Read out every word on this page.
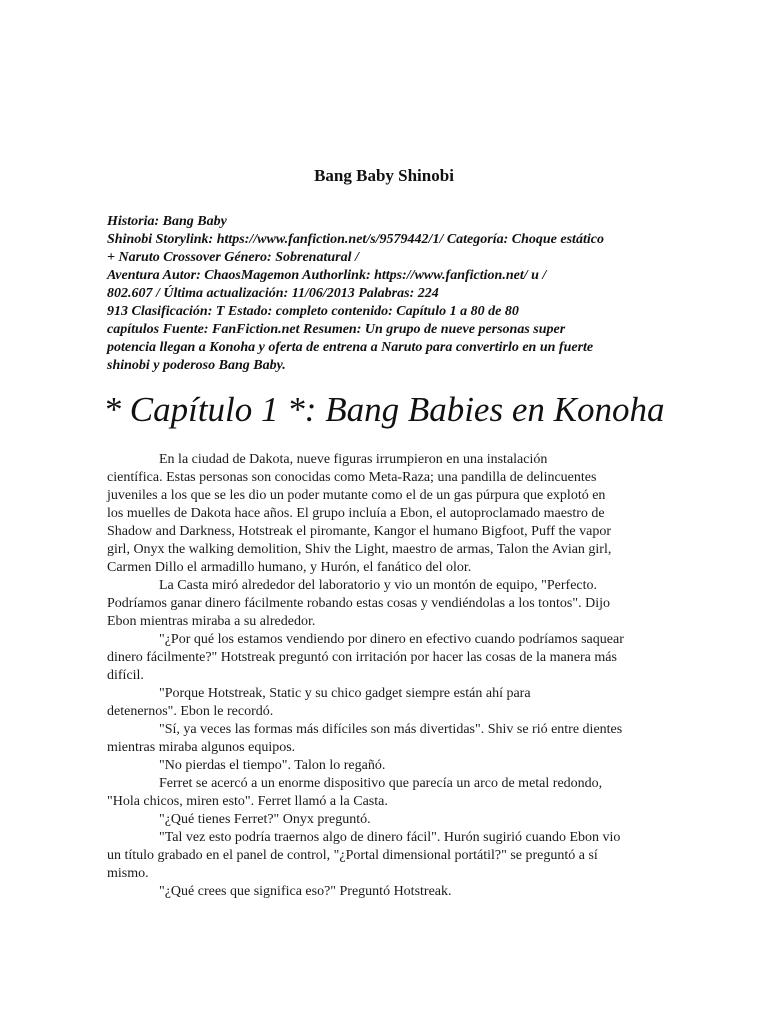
Bang Baby Shinobi
Historia: Bang Baby
Shinobi Storylink: https://www.fanfiction.net/s/9579442/1/ Categoría: Choque estático
+ Naruto Crossover Género: Sobrenatural /
Aventura Autor: ChaosMagemon Authorlink: https://www.fanfiction.net/ u /
802.607 / Última actualización: 11/06/2013 Palabras: 224
913 Clasificación: T Estado: completo contenido: Capítulo 1 a 80 de 80
capítulos Fuente: FanFiction.net Resumen: Un grupo de nueve personas super
potencia llegan a Konoha y oferta de entrena a Naruto para convertirlo en un fuerte
shinobi y poderoso Bang Baby.
* Capítulo 1 *: Bang Babies en Konoha
En la ciudad de Dakota, nueve figuras irrumpieron en una instalación
científica. Estas personas son conocidas como Meta-Raza; una pandilla de delincuentes
juveniles a los que se les dio un poder mutante como el de un gas púrpura que explotó en
los muelles de Dakota hace años. El grupo incluía a Ebon, el autoproclamado maestro de
Shadow and Darkness, Hotstreak el piromante, Kangor el humano Bigfoot, Puff the vapor
girl, Onyx the walking demolition, Shiv the Light, maestro de armas, Talon the Avian girl,
Carmen Dillo el armadillo humano, y Hurón, el fanático del olor.
La Casta miró alrededor del laboratorio y vio un montón de equipo, "Perfecto.
Podríamos ganar dinero fácilmente robando estas cosas y vendiéndolas a los tontos". Dijo
Ebon mientras miraba a su alrededor.
"¿Por qué los estamos vendiendo por dinero en efectivo cuando podríamos saquear
dinero fácilmente?" Hotstreak preguntó con irritación por hacer las cosas de la manera más
difícil.
"Porque Hotstreak, Static y su chico gadget siempre están ahí para
detenernos". Ebon le recordó.
"Sí, ya veces las formas más difíciles son más divertidas". Shiv se rió entre dientes
mientras miraba algunos equipos.
"No pierdas el tiempo". Talon lo regañó.
Ferret se acercó a un enorme dispositivo que parecía un arco de metal redondo,
"Hola chicos, miren esto". Ferret llamó a la Casta.
"¿Qué tienes Ferret?" Onyx preguntó.
"Tal vez esto podría traernos algo de dinero fácil". Hurón sugirió cuando Ebon vio
un título grabado en el panel de control, "¿Portal dimensional portátil?" se preguntó a sí
mismo.
"¿Qué crees que significa eso?" Preguntó Hotstreak.
